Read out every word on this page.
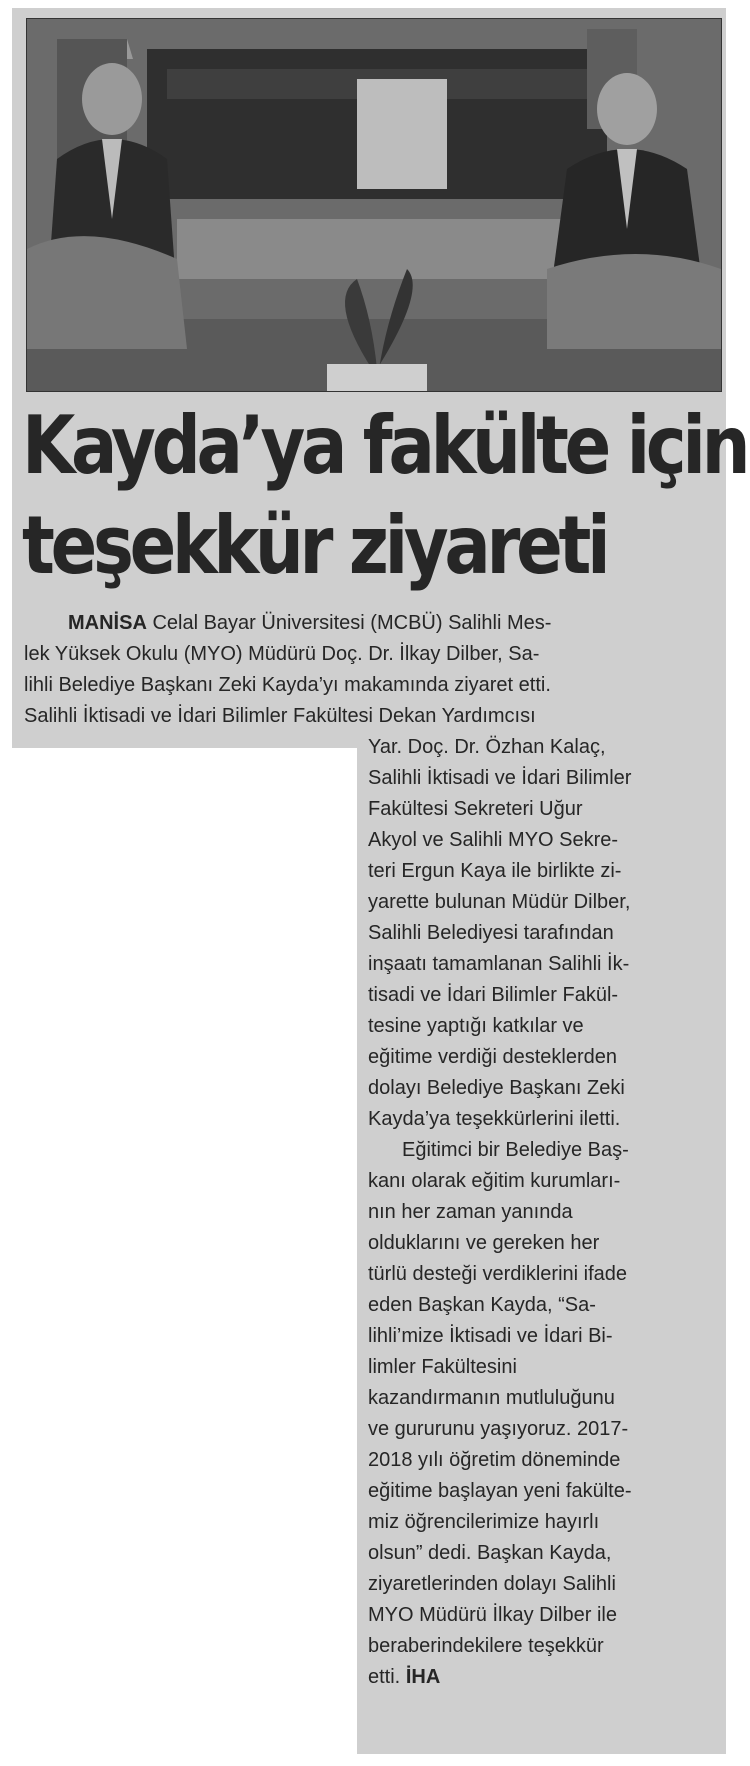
Kayda’ya fakülte için
teşekkür ziyareti
MANİSA Celal Bayar Üniversitesi (MCBÜ) Salihli Mes-
lek Yüksek Okulu (MYO) Müdürü Doç. Dr. İlkay Dilber, Sa-
lihli Belediye Başkanı Zeki Kayda’yı makamında ziyaret etti.
Salihli İktisadi ve İdari Bilimler Fakültesi Dekan Yardımcısı
Yar. Doç. Dr. Özhan Kalaç,
Salihli İktisadi ve İdari Bilimler
Fakültesi Sekreteri Uğur
Akyol ve Salihli MYO Sekre-
teri Ergun Kaya ile birlikte zi-
yarette bulunan Müdür Dilber,
Salihli Belediyesi tarafından
inşaatı tamamlanan Salihli İk-
tisadi ve İdari Bilimler Fakül-
tesine yaptığı katkılar ve
eğitime verdiği desteklerden
dolayı Belediye Başkanı Zeki
Kayda’ya teşekkürlerini iletti.
Eğitimci bir Belediye Baş-
kanı olarak eğitim kurumları-
nın her zaman yanında
olduklarını ve gereken her
türlü desteği verdiklerini ifade
eden Başkan Kayda, “Sa-
lihli’mize İktisadi ve İdari Bi-
limler Fakültesini
kazandırmanın mutluluğunu
ve gururunu yaşıyoruz. 2017-
2018 yılı öğretim döneminde
eğitime başlayan yeni fakülte-
miz öğrencilerimize hayırlı
olsun” dedi. Başkan Kayda,
ziyaretlerinden dolayı Salihli
MYO Müdürü İlkay Dilber ile
beraberindekilere teşekkür
etti. İHA
